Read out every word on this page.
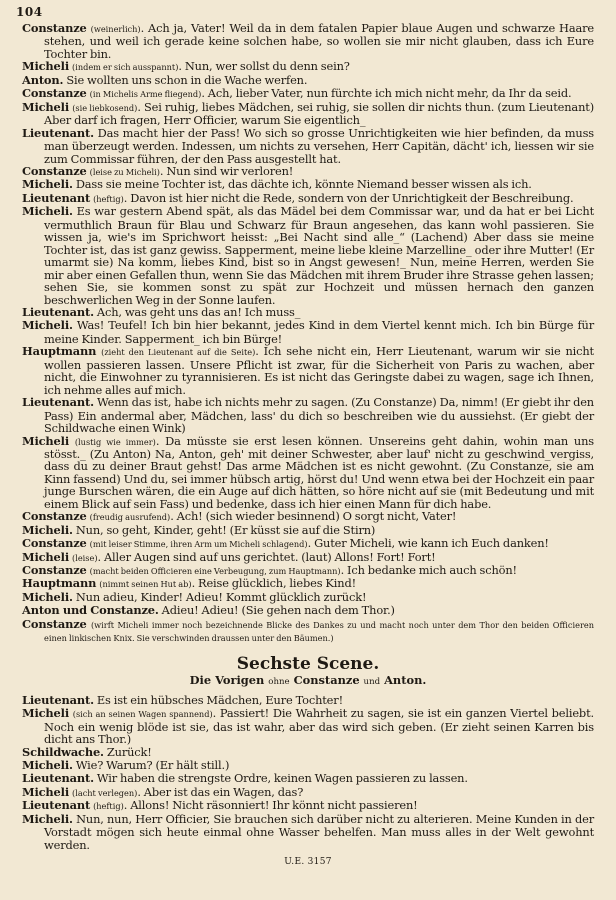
104
Constanze (weinerlich). Ach ja, Vater! Weil da in dem fatalen Papier blaue Augen und schwarze Haare stehen, und weil ich gerade keine solchen habe, so wollen sie mir nicht glauben, dass ich Eure Tochter bin.
Micheli (indem er sich ausspannt). Nun, wer sollst du denn sein?
Anton. Sie wollten uns schon in die Wache werfen.
Constanze (in Michelis Arme fliegend). Ach, lieber Vater, nun fürchte ich mich nicht mehr, da Ihr da seid.
Micheli (sie liebkosend). Sei ruhig, liebes Mädchen, sei ruhig, sie sollen dir nichts thun. (zum Lieutenant) Aber darf ich fragen, Herr Officier, warum Sie eigentlich_
Lieutenant. Das macht hier der Pass! Wo sich so grosse Unrichtigkeiten wie hier befinden, da muss man überzeugt werden. Indessen, um nichts zu versehen, Herr Capitän, dächt' ich, liessen wir sie zum Commissar führen, der den Pass ausgestellt hat.
Constanze (leise zu Micheli). Nun sind wir verloren!
Micheli. Dass sie meine Tochter ist, das dächte ich, könnte Niemand besser wissen als ich.
Lieutenant (heftig). Davon ist hier nicht die Rede, sondern von der Unrichtigkeit der Beschreibung.
Micheli. Es war gestern Abend spät, als das Mädel bei dem Commissar war, und da hat er bei Licht vermuthlich Braun für Blau und Schwarz für Braun angesehen, das kann wohl passieren. Sie wissen ja, wie's im Sprichwort heisst: „Bei Nacht sind alle_“ (Lachend) Aber dass sie meine Tochter ist, das ist ganz gewiss. Sapperment, meine liebe kleine Marzelline_ oder ihre Mutter! (Er umarmt sie) Na komm, liebes Kind, bist so in Angst gewesen!_ Nun, meine Herren, werden Sie mir aber einen Gefallen thun, wenn Sie das Mädchen mit ihrem Bruder ihre Strasse gehen lassen; sehen Sie, sie kommen sonst zu spät zur Hochzeit und müssen hernach den ganzen beschwerlichen Weg in der Sonne laufen.
Lieutenant. Ach, was geht uns das an! Ich muss_
Micheli. Was! Teufel! Ich bin hier bekannt, jedes Kind in dem Viertel kennt mich. Ich bin Bürge für meine Kinder. Sapperment_ ich bin Bürge!
Hauptmann (zieht den Lieutenant auf die Seite). Ich sehe nicht ein, Herr Lieutenant, warum wir sie nicht wollen passieren lassen. Unsere Pflicht ist zwar, für die Sicherheit von Paris zu wachen, aber nicht, die Einwohner zu tyrannisieren. Es ist nicht das Geringste dabei zu wagen, sage ich Ihnen, ich nehme alles auf mich.
Lieutenant. Wenn das ist, habe ich nichts mehr zu sagen. (Zu Constanze) Da, nimm! (Er giebt ihr den Pass) Ein andermal aber, Mädchen, lass' du dich so beschreiben wie du aussiehst. (Er giebt der Schildwache einen Wink)
Micheli (lustig wie immer). Da müsste sie erst lesen können. Unsereins geht dahin, wohin man uns stösst._ (Zu Anton) Na, Anton, geh' mit deiner Schwester, aber lauf' nicht zu geschwind_vergiss, dass du zu deiner Braut gehst! Das arme Mädchen ist es nicht gewohnt. (Zu Constanze, sie am Kinn fassend) Und du, sei immer hübsch artig, hörst du! Und wenn etwa bei der Hochzeit ein paar junge Burschen wären, die ein Auge auf dich hätten, so höre nicht auf sie (mit Bedeutung und mit einem Blick auf sein Fass) und bedenke, dass ich hier einen Mann für dich habe.
Constanze (freudig ausrufend). Ach! (sich wieder besinnend) O sorgt nicht, Vater!
Micheli. Nun, so geht, Kinder, geht! (Er küsst sie auf die Stirn)
Constanze (mit leiser Stimme, ihren Arm um Micheli schlagend). Guter Micheli, wie kann ich Euch danken!
Micheli (leise). Aller Augen sind auf uns gerichtet. (laut) Allons! Fort! Fort!
Constanze (macht beiden Officieren eine Verbeugung, zum Hauptmann). Ich bedanke mich auch schön!
Hauptmann (nimmt seinen Hut ab). Reise glücklich, liebes Kind!
Micheli. Nun adieu, Kinder! Adieu! Kommt glücklich zurück!
Anton und Constanze. Adieu! Adieu! (Sie gehen nach dem Thor.)
Constanze (wirft Micheli immer noch bezeichnende Blicke des Dankes zu und macht noch unter dem Thor den beiden Officieren einen linkischen Knix. Sie verschwinden draussen unter den Bäumen.)
Sechste Scene.
Die Vorigen ohne Constanze und Anton.
Lieutenant. Es ist ein hübsches Mädchen, Eure Tochter!
Micheli (sich an seinen Wagen spannend). Passiert! Die Wahrheit zu sagen, sie ist ein ganzen Viertel beliebt. Noch ein wenig blöde ist sie, das ist wahr, aber das wird sich geben. (Er zieht seinen Karren bis dicht ans Thor.)
Schildwache. Zurück!
Micheli. Wie? Warum? (Er hält still.)
Lieutenant. Wir haben die strengste Ordre, keinen Wagen passieren zu lassen.
Micheli (lacht verlegen). Aber ist das ein Wagen, das?
Lieutenant (heftig). Allons! Nicht räsonniert! Ihr könnt nicht passieren!
Micheli. Nun, nun, Herr Officier, Sie brauchen sich darüber nicht zu alterieren. Meine Kunden in der Vorstadt mögen sich heute einmal ohne Wasser behelfen. Man muss alles in der Welt gewohnt werden.
U.E. 3157
